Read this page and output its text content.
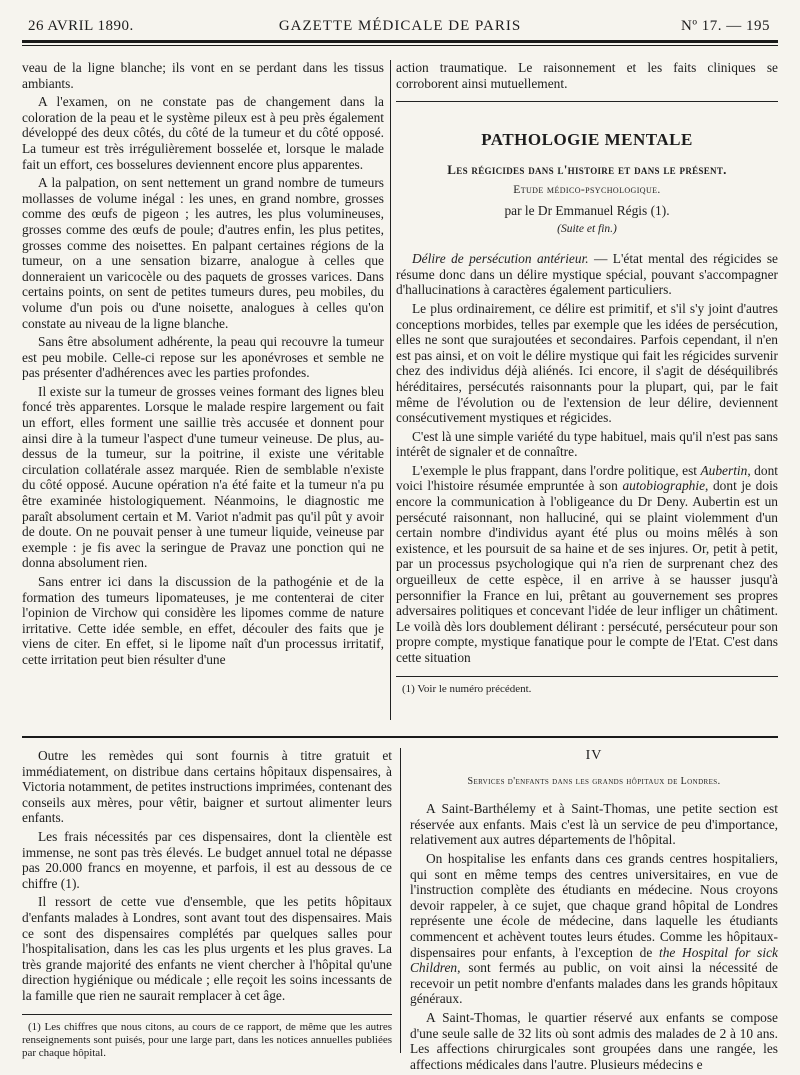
26 AVRIL 1890.	GAZETTE MÉDICALE DE PARIS	Nº 17. — 195

veau de la ligne blanche; ils vont en se perdant dans les tissus ambiants.

A l'examen, on ne constate pas de changement dans la coloration de la peau et le système pileux est à peu près également développé des deux côtés, du côté de la tumeur et du côté opposé. La tumeur est très irrégulièrement bosselée et, lorsque le malade fait un effort, ces bosselures deviennent encore plus apparentes.

A la palpation, on sent nettement un grand nombre de tumeurs mollasses de volume inégal : les unes, en grand nombre, grosses comme des œufs de pigeon ; les autres, les plus volumineuses, grosses comme des œufs de poule; d'autres enfin, les plus petites, grosses comme des noisettes. En palpant certaines régions de la tumeur, on a une sensation bizarre, analogue à celles que donneraient un varicocèle ou des paquets de grosses varices. Dans certains points, on sent de petites tumeurs dures, peu mobiles, du volume d'un pois ou d'une noisette, analogues à celles qu'on constate au niveau de la ligne blanche.

Sans être absolument adhérente, la peau qui recouvre la tumeur est peu mobile. Celle-ci repose sur les aponévroses et semble ne pas présenter d'adhérences avec les parties profondes.

Il existe sur la tumeur de grosses veines formant des lignes bleu foncé très apparentes. Lorsque le malade respire largement ou fait un effort, elles forment une saillie très accusée et donnent pour ainsi dire à la tumeur l'aspect d'une tumeur veineuse. De plus, au-dessus de la tumeur, sur la poitrine, il existe une véritable circulation collatérale assez marquée. Rien de semblable n'existe du côté opposé. Aucune opération n'a été faite et la tumeur n'a pu être examinée histologiquement. Néanmoins, le diagnostic me paraît absolument certain et M. Variot n'admit pas qu'il pût y avoir de doute. On ne pouvait penser à une tumeur liquide, veineuse par exemple : je fis avec la seringue de Pravaz une ponction qui ne donna absolument rien.

Sans entrer ici dans la discussion de la pathogénie et de la formation des tumeurs lipomateuses, je me contenterai de citer l'opinion de Virchow qui considère les lipomes comme de nature irritative. Cette idée semble, en effet, découler des faits que je viens de citer. En effet, si le lipome naît d'un processus irritatif, cette irritation peut bien résulter d'une

action traumatique. Le raisonnement et les faits cliniques se corroborent ainsi mutuellement.

PATHOLOGIE MENTALE
Les régicides dans l'histoire et dans le présent.
Etude médico-psychologique.
par le Dr Emmanuel Régis (1).
(Suite et fin.)

Délire de persécution antérieur. — L'état mental des régicides se résume donc dans un délire mystique spécial, pouvant s'accompagner d'hallucinations à caractères également particuliers.

Le plus ordinairement, ce délire est primitif, et s'il s'y joint d'autres conceptions morbides, telles par exemple que les idées de persécution, elles ne sont que surajoutées et secondaires. Parfois cependant, il n'en est pas ainsi, et on voit le délire mystique qui fait les régicides survenir chez des individus déjà aliénés. Ici encore, il s'agit de déséquilibrés héréditaires, persécutés raisonnants pour la plupart, qui, par le fait même de l'évolution ou de l'extension de leur délire, deviennent consécutivement mystiques et régicides.

C'est là une simple variété du type habituel, mais qu'il n'est pas sans intérêt de signaler et de connaître.

L'exemple le plus frappant, dans l'ordre politique, est Aubertin, dont voici l'histoire résumée empruntée à son autobiographie, dont je dois encore la communication à l'obligeance du Dr Deny. Aubertin est un persécuté raisonnant, non halluciné, qui se plaint violemment d'un certain nombre d'individus ayant été plus ou moins mêlés à son existence, et les poursuit de sa haine et de ses injures. Or, petit à petit, par un processus psychologique qui n'a rien de surprenant chez des orgueilleux de cette espèce, il en arrive à se hausser jusqu'à personnifier la France en lui, prêtant au gouvernement ses propres adversaires politiques et concevant l'idée de leur infliger un châtiment. Le voilà dès lors doublement délirant : persécuté, persécuteur pour son propre compte, mystique fanatique pour le compte de l'Etat. C'est dans cette situation

(1) Voir le numéro précédent.

Outre les remèdes qui sont fournis à titre gratuit et immédiatement, on distribue dans certains hôpitaux dispensaires, à Victoria notamment, de petites instructions imprimées, contenant des conseils aux mères, pour vêtir, baigner et surtout alimenter leurs enfants.

Les frais nécessités par ces dispensaires, dont la clientèle est immense, ne sont pas très élevés. Le budget annuel total ne dépasse pas 20.000 francs en moyenne, et parfois, il est au dessous de ce chiffre (1).

Il ressort de cette vue d'ensemble, que les petits hôpitaux d'enfants malades à Londres, sont avant tout des dispensaires. Mais ce sont des dispensaires complétés par quelques salles pour l'hospitalisation, dans les cas les plus urgents et les plus graves. La très grande majorité des enfants ne vient chercher à l'hôpital qu'une direction hygiénique ou médicale ; elle reçoit les soins incessants de la famille que rien ne saurait remplacer à cet âge.

(1) Les chiffres que nous citons, au cours de ce rapport, de même que les autres renseignements sont puisés, pour une large part, dans les notices annuelles publiées par chaque hôpital.

IV
Services d'enfants dans les grands hôpitaux de Londres.

A Saint-Barthélemy et à Saint-Thomas, une petite section est réservée aux enfants. Mais c'est là un service de peu d'importance, relativement aux autres départements de l'hôpital.

On hospitalise les enfants dans ces grands centres hospitaliers, qui sont en même temps des centres universitaires, en vue de l'instruction complète des étudiants en médecine. Nous croyons devoir rappeler, à ce sujet, que chaque grand hôpital de Londres représente une école de médecine, dans laquelle les étudiants commencent et achèvent toutes leurs études. Comme les hôpitaux-dispensaires pour enfants, à l'exception de the Hospital for sick Children, sont fermés au public, on voit ainsi la nécessité de recevoir un petit nombre d'enfants malades dans les grands hôpitaux généraux.

A Saint-Thomas, le quartier réservé aux enfants se compose d'une seule salle de 32 lits où sont admis des malades de 2 à 10 ans. Les affections chirurgicales sont groupées dans une rangée, les affections médicales dans l'autre. Plusieurs médecins e
